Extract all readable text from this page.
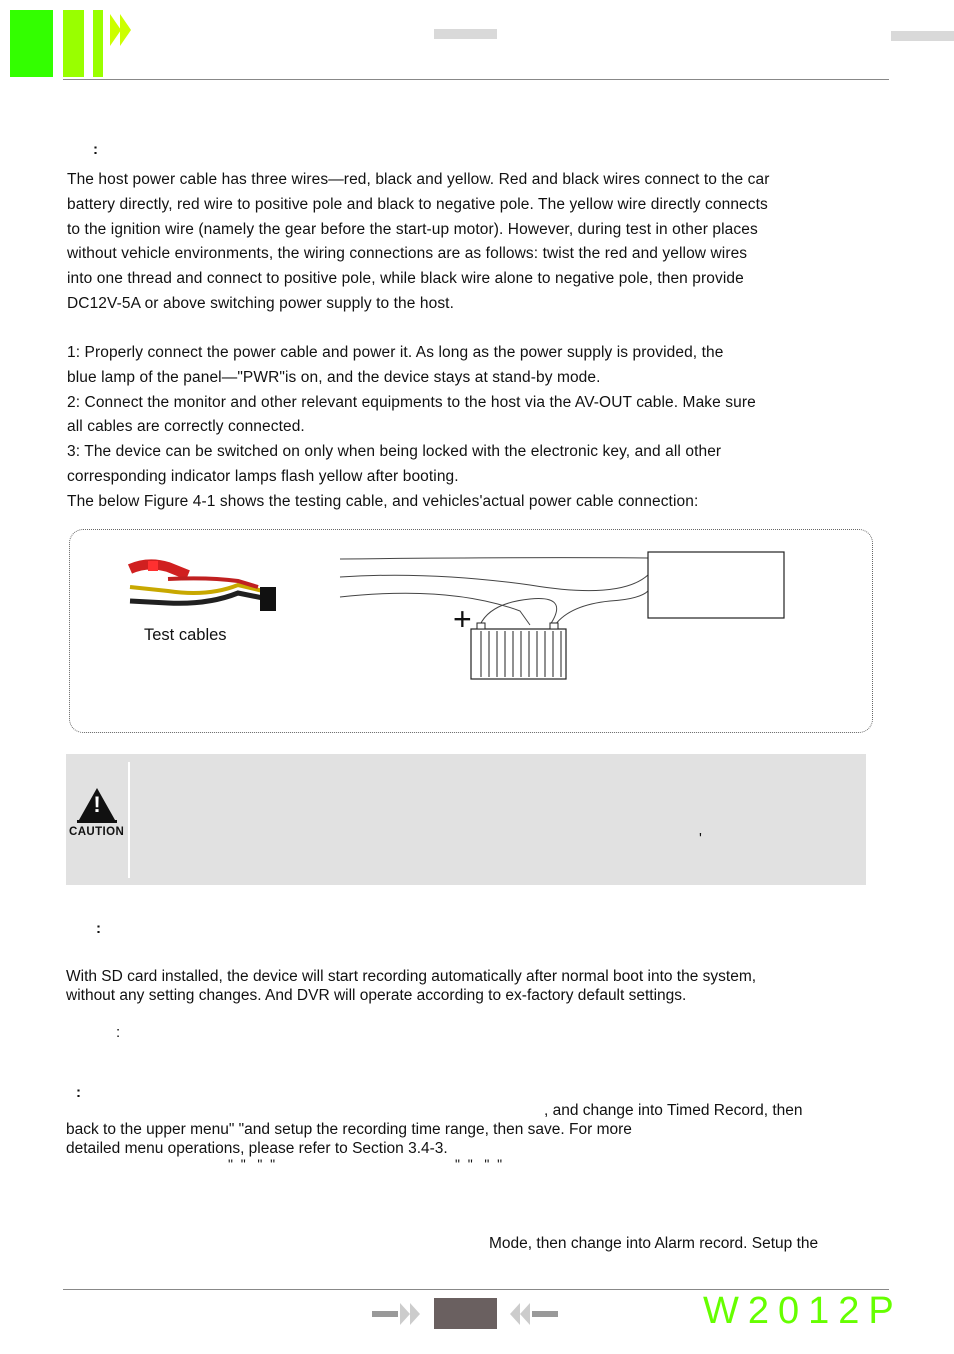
:
The host power cable has three wires—red, black and yellow. Red and black wires connect to the car
battery directly, red wire to positive pole and black to negative pole. The yellow wire directly connects
to the ignition wire (namely the gear before the start-up motor). However, during test in other places
without vehicle environments, the wiring connections are as follows: twist the red and yellow wires
into one thread and connect to positive pole, while black wire alone to negative pole, then provide
DC12V-5A or above switching power supply to the host.
1: Properly connect the power cable and power it. As long as the power supply is provided, the
blue lamp of the panel—"PWR"is on, and the device stays at stand-by mode.
2: Connect the monitor and other relevant equipments to the host via the AV-OUT cable. Make sure
all cables are correctly connected.
3: The device can be switched on only when being locked with the electronic key, and all other
corresponding indicator lamps flash yellow after booting.
The below Figure 4-1 shows the testing cable, and vehicles'actual power cable connection:
Test cables	+
!
CAUTION	'
:
With SD card installed, the device will start recording automatically after normal boot into the system,
without any setting changes. And DVR will operate according to ex-factory default settings.
:
:
, and change into Timed Record, then
back to the upper menu" "and setup the recording time range, then save. For more
detailed menu operations, please refer to Section 3.4-3.
"  "   "  "	"  "   "  "
Mode, then change into Alarm record. Setup the
W2012P
